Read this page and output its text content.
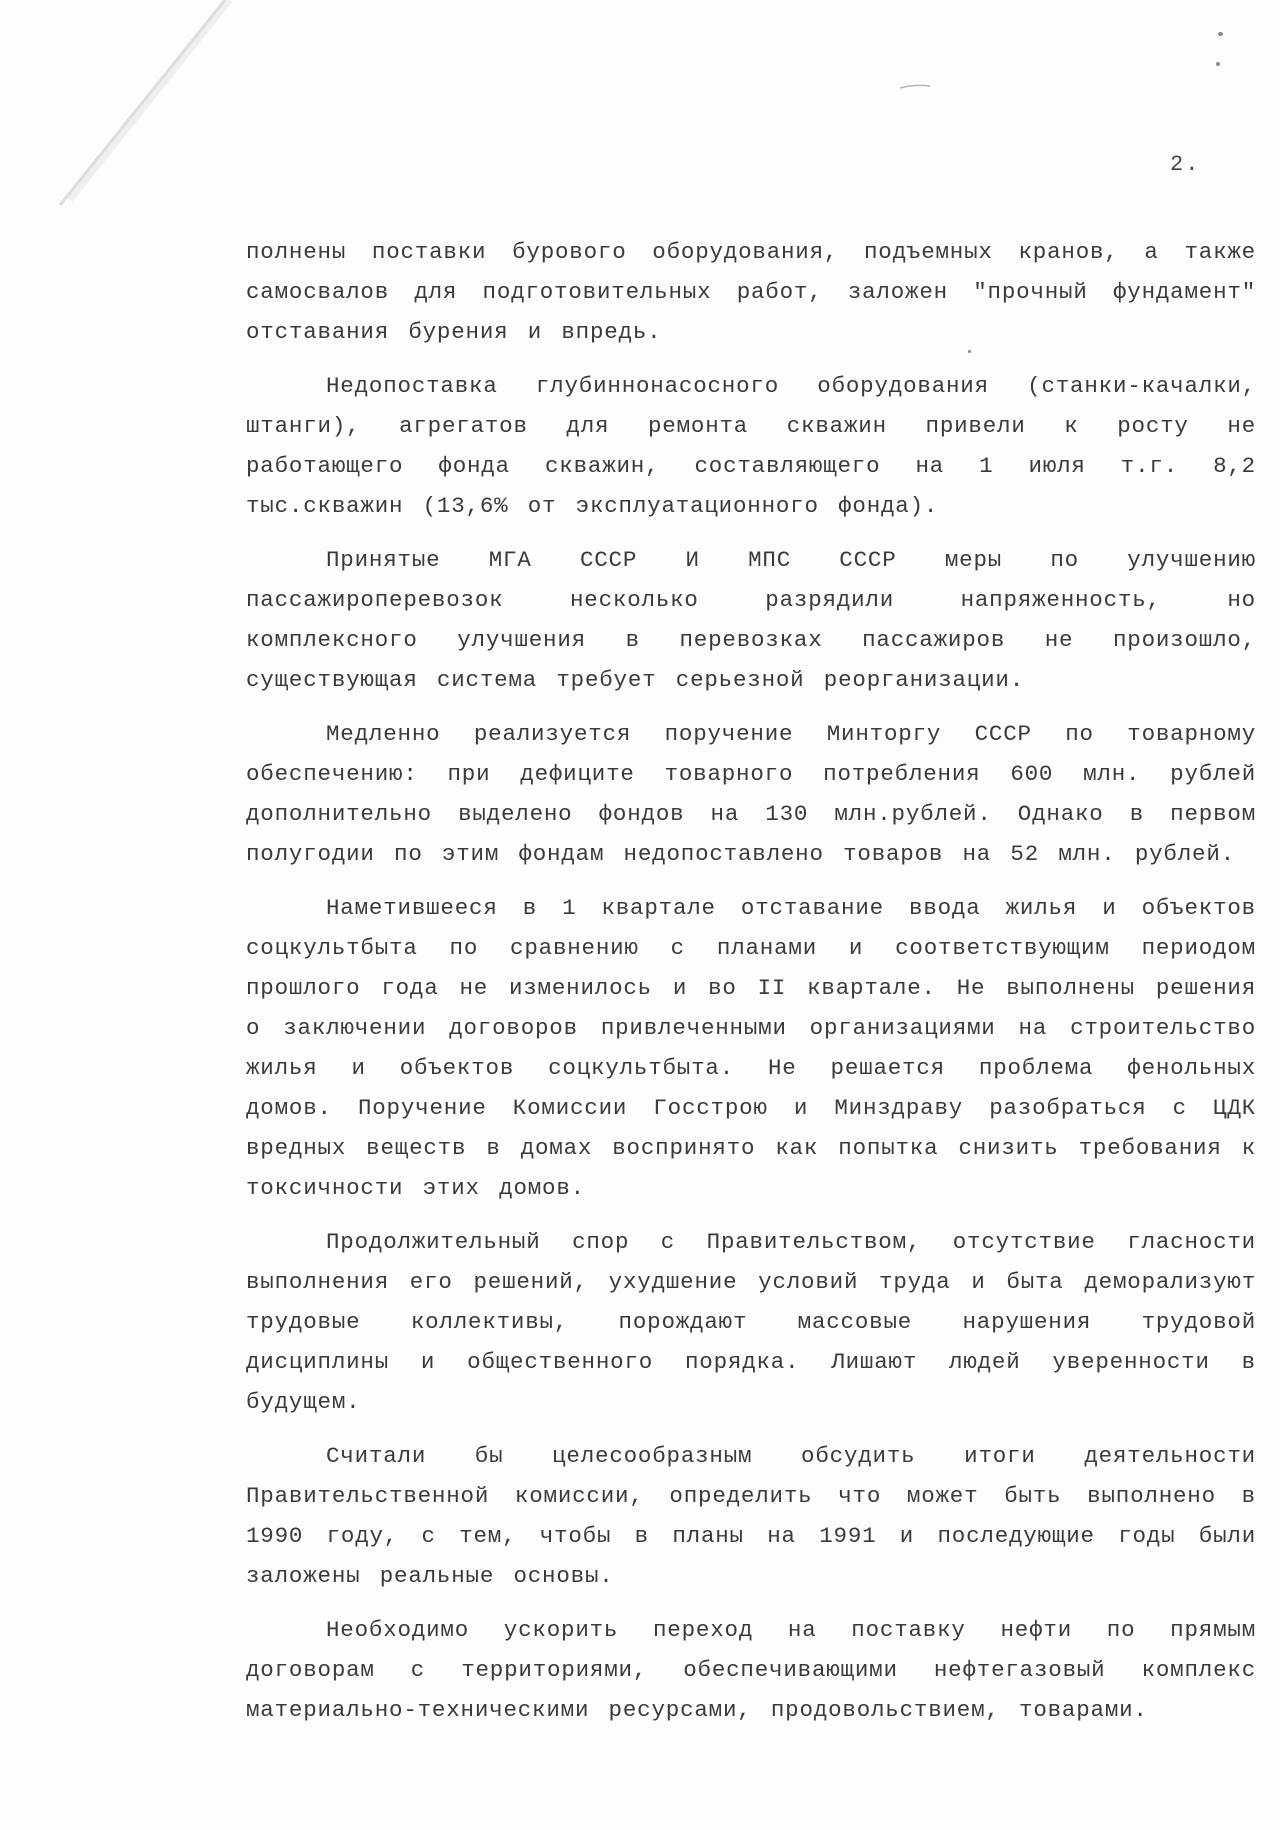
2.

полнены поставки бурового оборудования, подъемных кранов, а также самосвалов для подготовительных работ, заложен "прочный фундамент" отставания бурения и впредь.

Недопоставка глубиннонасосного оборудования (станки-качалки, штанги), агрегатов для ремонта скважин привели к росту не работающего фонда скважин, составляющего на 1 июля т.г. 8,2 тыс.скважин (13,6% от эксплуатационного фонда).

Принятые МГА СССР И МПС СССР меры по улучшению пассажироперевозок несколько разрядили напряженность, но комплексного улучшения в перевозках пассажиров не произошло, существующая система требует серьезной реорганизации.

Медленно реализуется поручение Минторгу СССР по товарному обеспечению: при дефиците товарного потребления 600 млн. рублей дополнительно выделено фондов на 130 млн.рублей. Однако в первом полугодии по этим фондам недопоставлено товаров на 52 млн. рублей.

Наметившееся в 1 квартале отставание ввода жилья и объектов соцкультбыта по сравнению с планами и соответствующим периодом прошлого года не изменилось и во II квартале. Не выполнены решения о заключении договоров привлеченными организациями на строительство жилья и объектов соцкультбыта. Не решается проблема фенольных домов. Поручение Комиссии Госстрою и Минздраву разобраться с ЦДК вредных веществ в домах воспринято как попытка снизить требования к токсичности этих домов.

Продолжительный спор с Правительством, отсутствие гласности выполнения его решений, ухудшение условий труда и быта деморализуют трудовые коллективы, порождают массовые нарушения трудовой дисциплины и общественного порядка. Лишают людей уверенности в будущем.

Считали бы целесообразным обсудить итоги деятельности Правительственной комиссии, определить что может быть выполнено в 1990 году, с тем, чтобы в планы на 1991 и последующие годы были заложены реальные основы.

Необходимо ускорить переход на поставку нефти по прямым договорам с территориями, обеспечивающими нефтегазовый комплекс материально-техническими ресурсами, продовольствием, товарами.
